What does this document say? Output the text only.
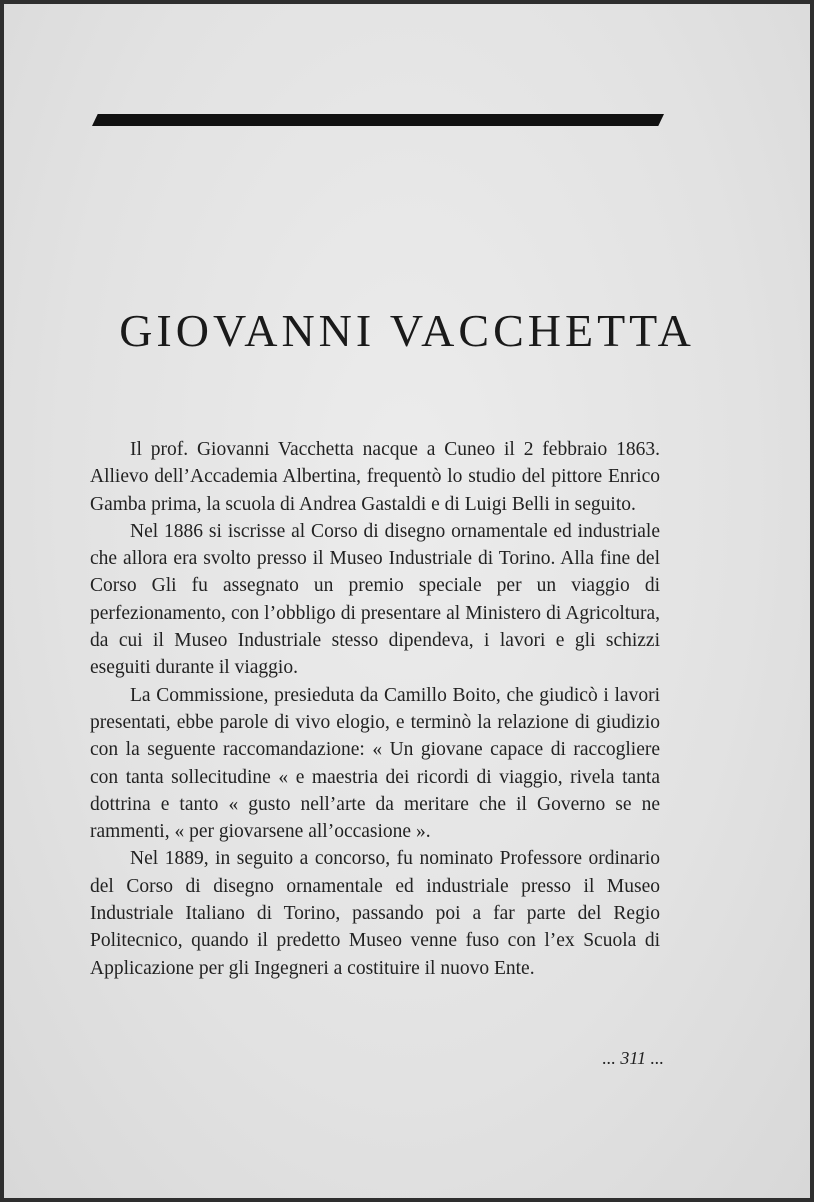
GIOVANNI VACCHETTA

Il prof. Giovanni Vacchetta nacque a Cuneo il 2 febbraio 1863. Allievo dell’Accademia Albertina, frequentò lo studio del pittore Enrico Gamba prima, la scuola di Andrea Gastaldi e di Luigi Belli in seguito.

Nel 1886 si iscrisse al Corso di disegno ornamentale ed industriale che allora era svolto presso il Museo Industriale di Torino. Alla fine del Corso Gli fu assegnato un premio speciale per un viaggio di perfezionamento, con l’obbligo di presentare al Ministero di Agricoltura, da cui il Museo Industriale stesso dipendeva, i lavori e gli schizzi eseguiti durante il viaggio.

La Commissione, presieduta da Camillo Boito, che giudicò i lavori presentati, ebbe parole di vivo elogio, e terminò la relazione di giudizio con la seguente raccomandazione: « Un giovane capace di raccogliere con tanta sollecitudine « e maestria dei ricordi di viaggio, rivela tanta dottrina e tanto « gusto nell’arte da meritare che il Governo se ne rammenti, « per giovarsene all’occasione ».

Nel 1889, in seguito a concorso, fu nominato Professore ordinario del Corso di disegno ornamentale ed industriale presso il Museo Industriale Italiano di Torino, passando poi a far parte del Regio Politecnico, quando il predetto Museo venne fuso con l’ex Scuola di Applicazione per gli Ingegneri a costituire il nuovo Ente.

... 311 ...
